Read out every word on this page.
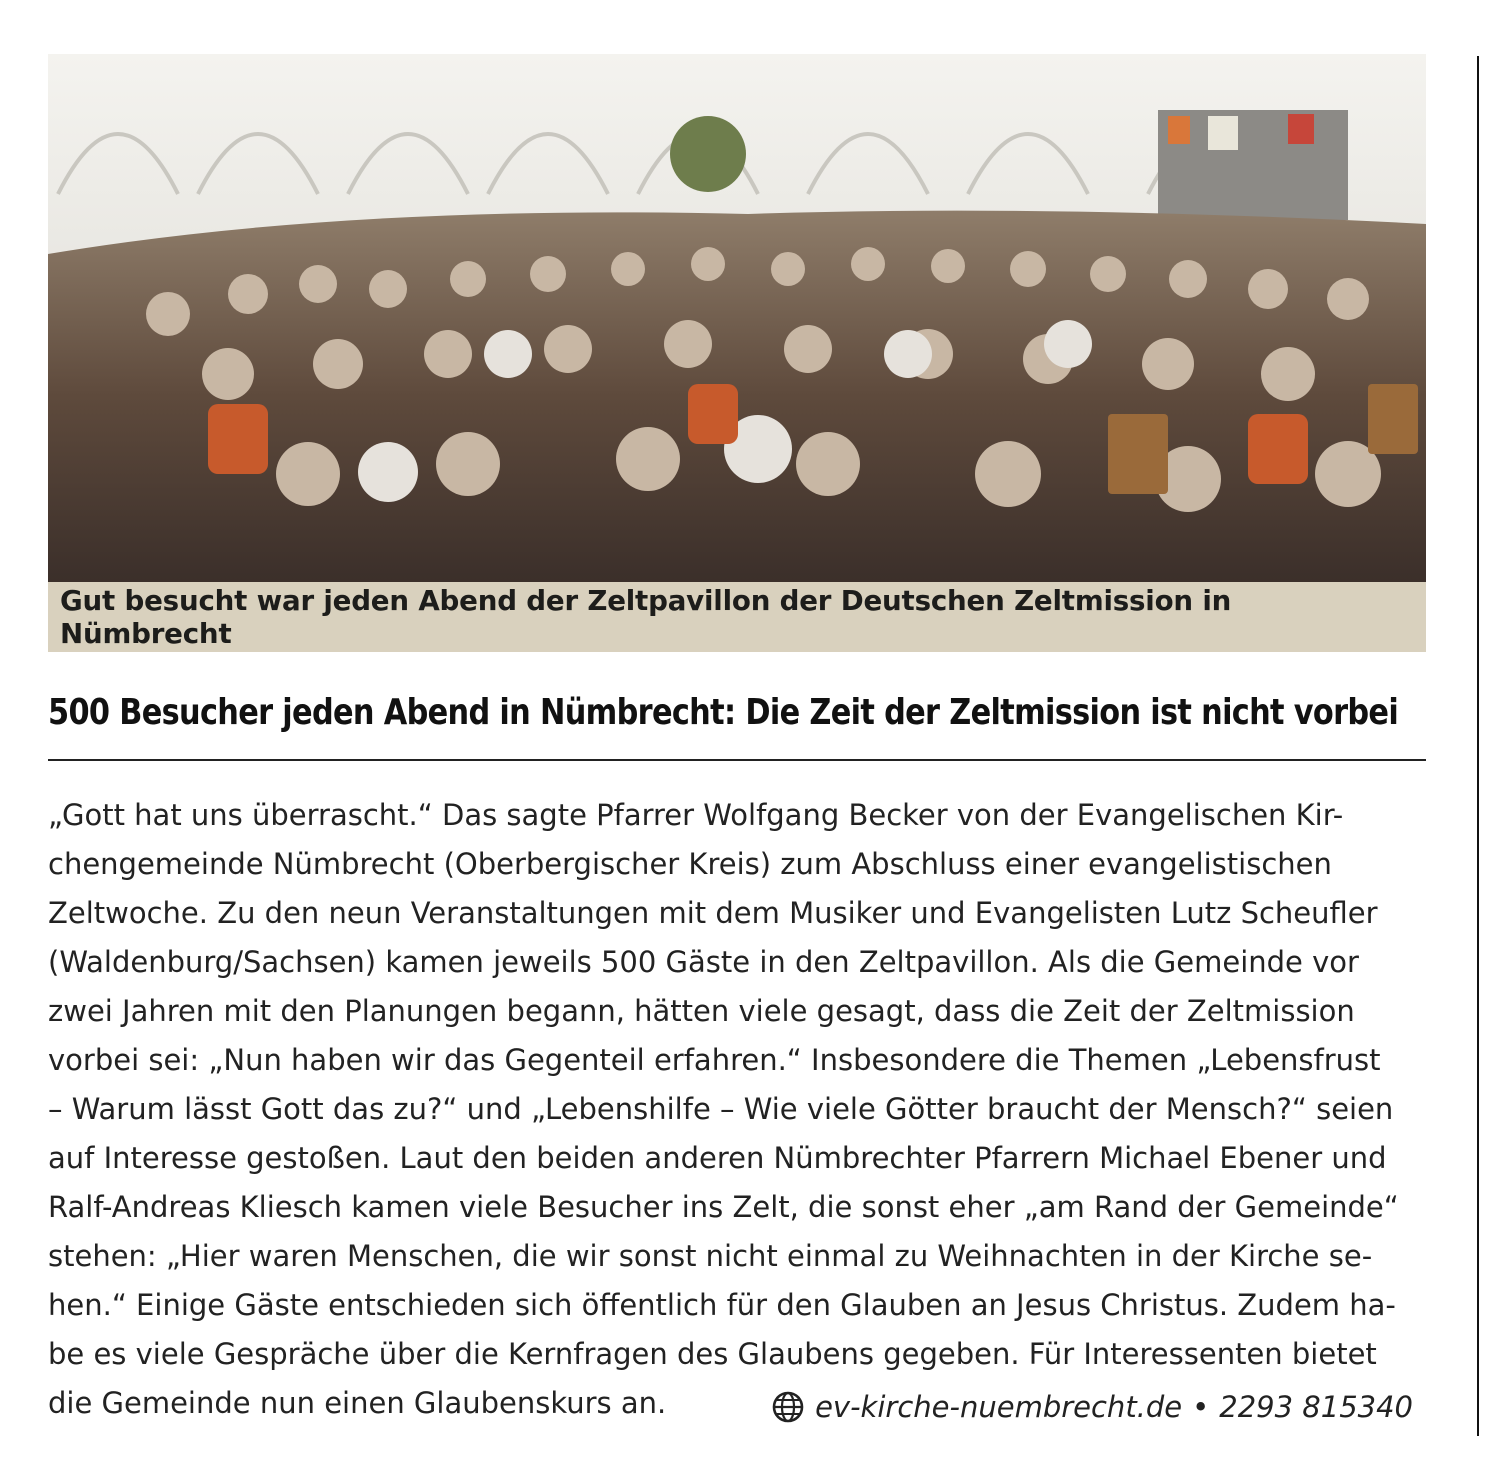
Gut besucht war jeden Abend der Zeltpavillon der Deutschen Zeltmission in Nümbrecht
500 Besucher jeden Abend in Nümbrecht: Die Zeit der Zeltmission ist nicht vorbei
„Gott hat uns überrascht.“ Das sagte Pfarrer Wolfgang Becker von der Evangelischen Kir-
chengemeinde Nümbrecht (Oberbergischer Kreis) zum Abschluss einer evangelistischen
Zeltwoche. Zu den neun Veranstaltungen mit dem Musiker und Evangelisten Lutz Scheufler
(Waldenburg/Sachsen) kamen jeweils 500 Gäste in den Zeltpavillon. Als die Gemeinde vor
zwei Jahren mit den Planungen begann, hätten viele gesagt, dass die Zeit der Zeltmission
vorbei sei: „Nun haben wir das Gegenteil erfahren.“ Insbesondere die Themen „Lebensfrust
– Warum lässt Gott das zu?“ und „Lebenshilfe – Wie viele Götter braucht der Mensch?“ seien
auf Interesse gestoßen. Laut den beiden anderen Nümbrechter Pfarrern Michael Ebener und
Ralf-Andreas Kliesch kamen viele Besucher ins Zelt, die sonst eher „am Rand der Gemeinde“
stehen: „Hier waren Menschen, die wir sonst nicht einmal zu Weihnachten in der Kirche se-
hen.“ Einige Gäste entschieden sich öffentlich für den Glauben an Jesus Christus. Zudem ha-
be es viele Gespräche über die Kernfragen des Glaubens gegeben. Für Interessenten bietet
die Gemeinde nun einen Glaubenskurs an.	ev-kirche-nuembrecht.de • 2293 815340
